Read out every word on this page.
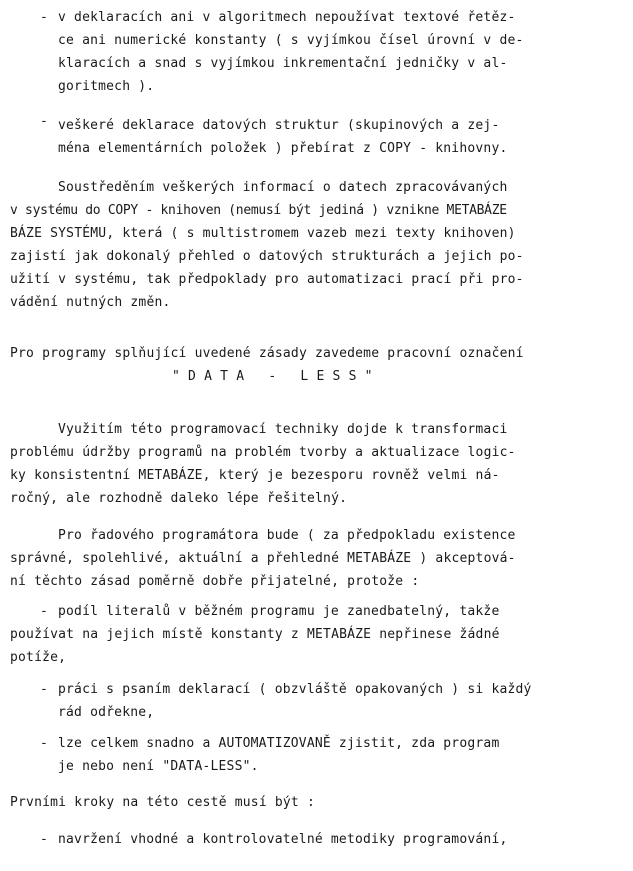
- v deklaracích ani v algoritmech nepoužívat textové řetěz-
ce ani numerické konstanty ( s vyjímkou čísel úrovní v de-
klaracích a snad s vyjímkou inkrementační jedničky v al-
goritmech ).
- veškeré deklarace datových struktur (skupinových a zej-
ména elementárních položek ) přebírat z COPY - knihovny.
Soustředěním veškerých informací o datech zpracovávaných
v systému do COPY - knihoven (nemusí být jediná ) vznikne METABÁZE
BÁZE SYSTÉMU, která ( s multistromem vazeb mezi texty knihoven)
zajistí jak dokonalý přehled o datových strukturách a jejich po-
užití v systému, tak předpoklady pro automatizaci prací při pro-
vádění nutných změn.
Pro programy splňující uvedené zásady zavedeme pracovní označení
" D A T A   -   L E S S "
Využitím této programovací techniky dojde k transformaci
problému údržby programů na problém tvorby a aktualizace logic-
ky konsistentní METABÁZE, který je bezesporu rovněž velmi ná-
ročný, ale rozhodně daleko lépe řešitelný.
Pro řadového programátora bude ( za předpokladu existence
správné, spolehlivé, aktuální a přehledné METABÁZE ) akceptová-
ní těchto zásad poměrně dobře přijatelné, protože :
- podíl literalů v běžném programu je zanedbatelný, takže
používat na jejich místě konstanty z METABÁZE nepřinese žádné
potíže,
- práci s psaním deklarací ( obzvláště opakovaných ) si každý
rád odřekne,
- lze celkem snadno a AUTOMATIZOVANĚ zjistit, zda program
je nebo není "DATA-LESS".
Prvními kroky na této cestě musí být :
- navržení vhodné a kontrolovatelné metodiky programování,
